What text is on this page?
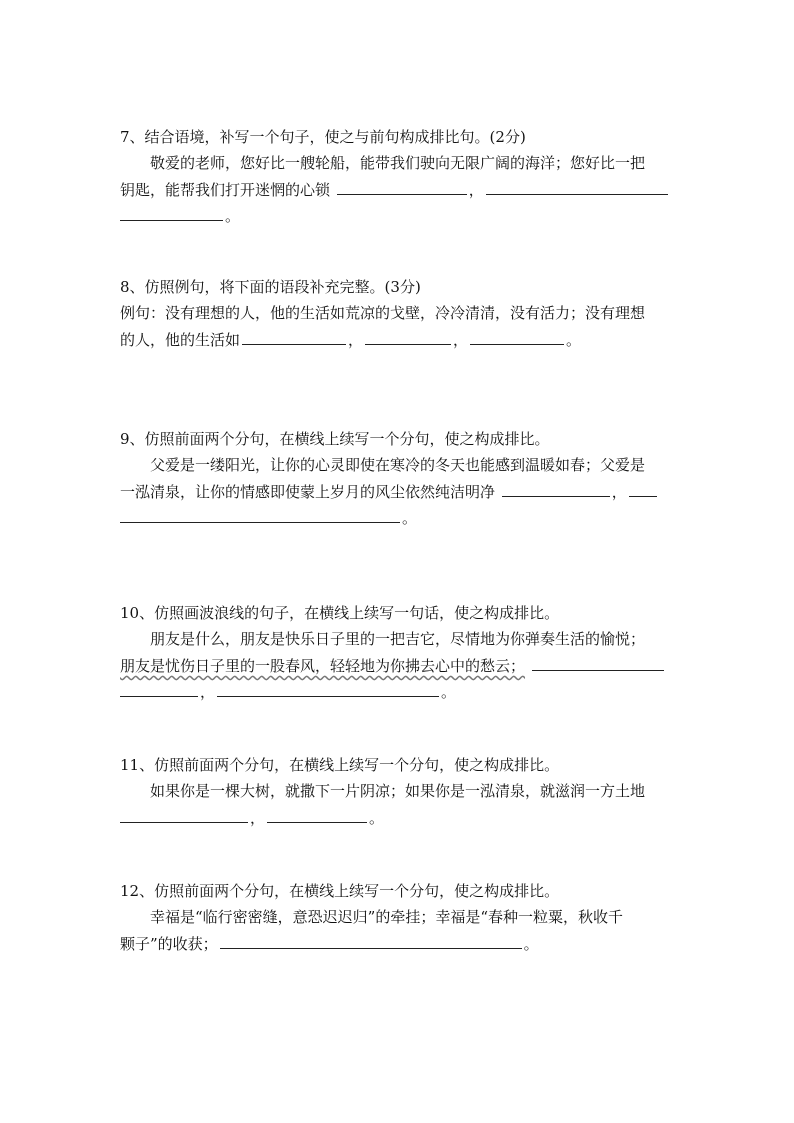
7、结合语境，补写一个句子，使之与前句构成排比句。(2分)
敬爱的老师，您好比一艘轮船，能带我们驶向无限广阔的海洋；您好比一把
钥匙，能帮我们打开迷惘的心锁	，
。
8、仿照例句，将下面的语段补充完整。(3分)
例句：没有理想的人，他的生活如荒凉的戈壁，冷冷清清，没有活力；没有理想
的人，他的生活如	，	，	。
9、仿照前面两个分句，在横线上续写一个分句，使之构成排比。
父爱是一缕阳光，让你的心灵即使在寒冷的冬天也能感到温暖如春；父爱是
一泓清泉，让你的情感即使蒙上岁月的风尘依然纯洁明净	，
。
10、仿照画波浪线的句子，在横线上续写一句话，使之构成排比。
朋友是什么，朋友是快乐日子里的一把吉它，尽情地为你弹奏生活的愉悦；
朋友是忧伤日子里的一股春风，轻轻地为你拂去心中的愁云；
，	。
11、仿照前面两个分句，在横线上续写一个分句，使之构成排比。
如果你是一棵大树，就撒下一片阴凉；如果你是一泓清泉，就滋润一方土地
，	。
12、仿照前面两个分句，在横线上续写一个分句，使之构成排比。
幸福是“临行密密缝，意恐迟迟归”的牵挂；幸福是“春种一粒粟，秋收千
颗子”的收获；	。
